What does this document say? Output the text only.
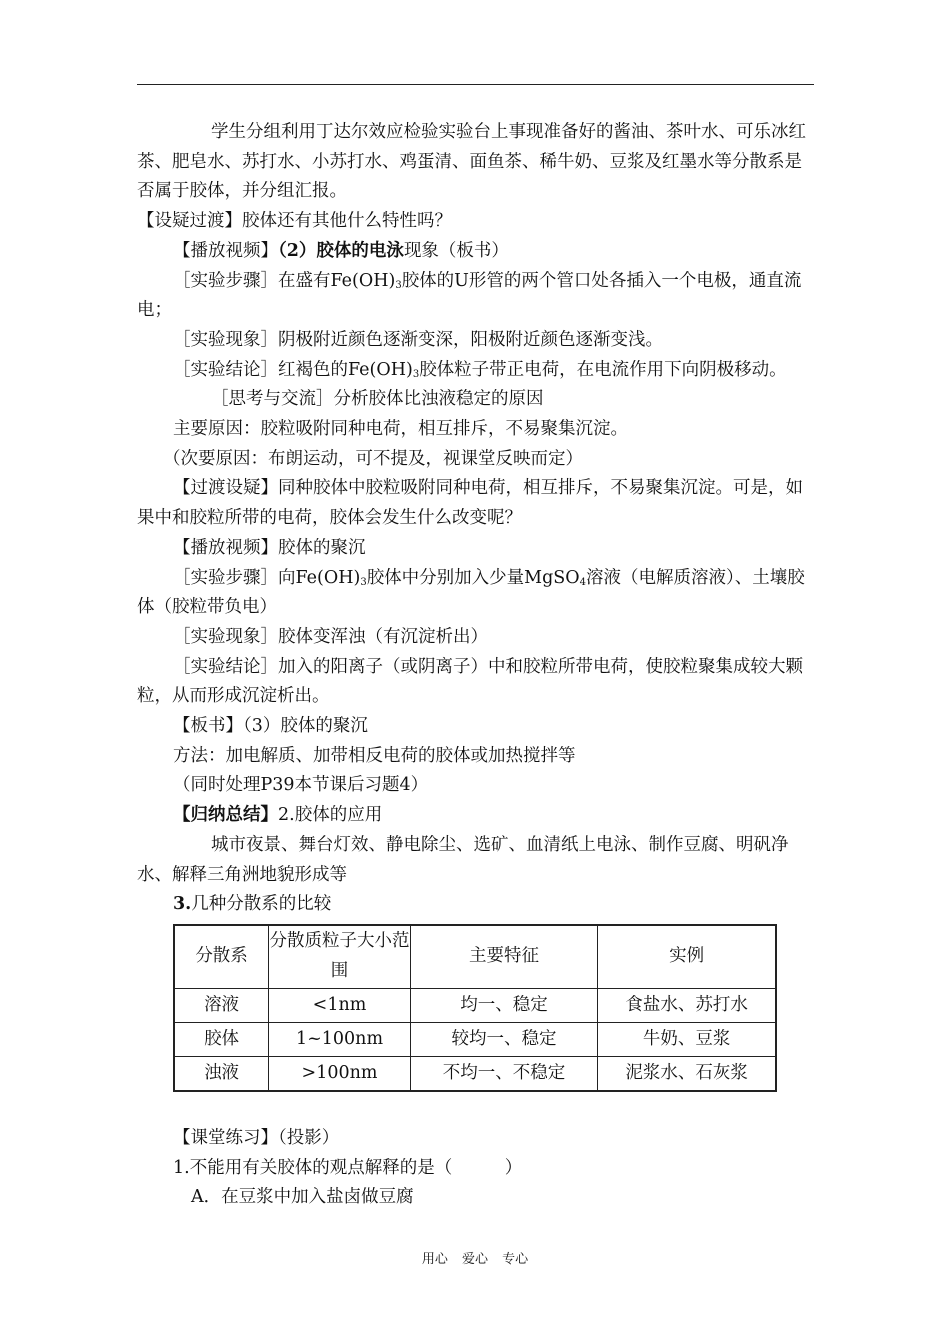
学生分组利用丁达尔效应检验实验台上事现准备好的酱油、茶叶水、可乐冰红茶、肥皂水、苏打水、小苏打水、鸡蛋清、面鱼茶、稀牛奶、豆浆及红墨水等分散系是否属于胶体，并分组汇报。

【设疑过渡】胶体还有其他什么特性吗？

【播放视频】（2）胶体的电泳现象（板书）

［实验步骤］在盛有$Fe(OH)_3$胶体的U形管的两个管口处各插入一个电极，通直流电；

［实验现象］阴极附近颜色逐渐变深，阳极附近颜色逐渐变浅。

［实验结论］红褐色的$Fe(OH)_3$胶体粒子带正电荷，在电流作用下向阴极移动。

［思考与交流］分析胶体比浊液稳定的原因

主要原因：胶粒吸附同种电荷，相互排斥，不易聚集沉淀。

（次要原因：布朗运动，可不提及，视课堂反映而定）

【过渡设疑】同种胶体中胶粒吸附同种电荷，相互排斥，不易聚集沉淀。可是，如果中和胶粒所带的电荷，胶体会发生什么改变呢？

【播放视频】胶体的聚沉

［实验步骤］向$Fe(OH)_3$胶体中分别加入少量MgSO$_4$溶液（电解质溶液）、土壤胶体（胶粒带负电）

［实验现象］胶体变浑浊（有沉淀析出）

［实验结论］加入的阳离子（或阴离子）中和胶粒所带电荷，使胶粒聚集成较大颗粒，从而形成沉淀析出。

【板书】（3）胶体的聚沉

方法：加电解质、加带相反电荷的胶体或加热搅拌等

（同时处理P39本节课后习题4）

【归纳总结】2.胶体的应用

城市夜景、舞台灯效、静电除尘、选矿、血清纸上电泳、制作豆腐、明矾净水、解释三角洲地貌形成等

3.几种分散系的比较

分散系	分散质粒子大小范围	主要特征	实例
溶液	<1nm	均一、稳定	食盐水、苏打水
胶体	1~100nm	较均一、稳定	牛奶、豆浆
浊液	>100nm	不均一、不稳定	泥浆水、石灰浆

【课堂练习】（投影）

1.不能用有关胶体的观点解释的是（　　　）

A．在豆浆中加入盐卤做豆腐

用心 爱心 专心
